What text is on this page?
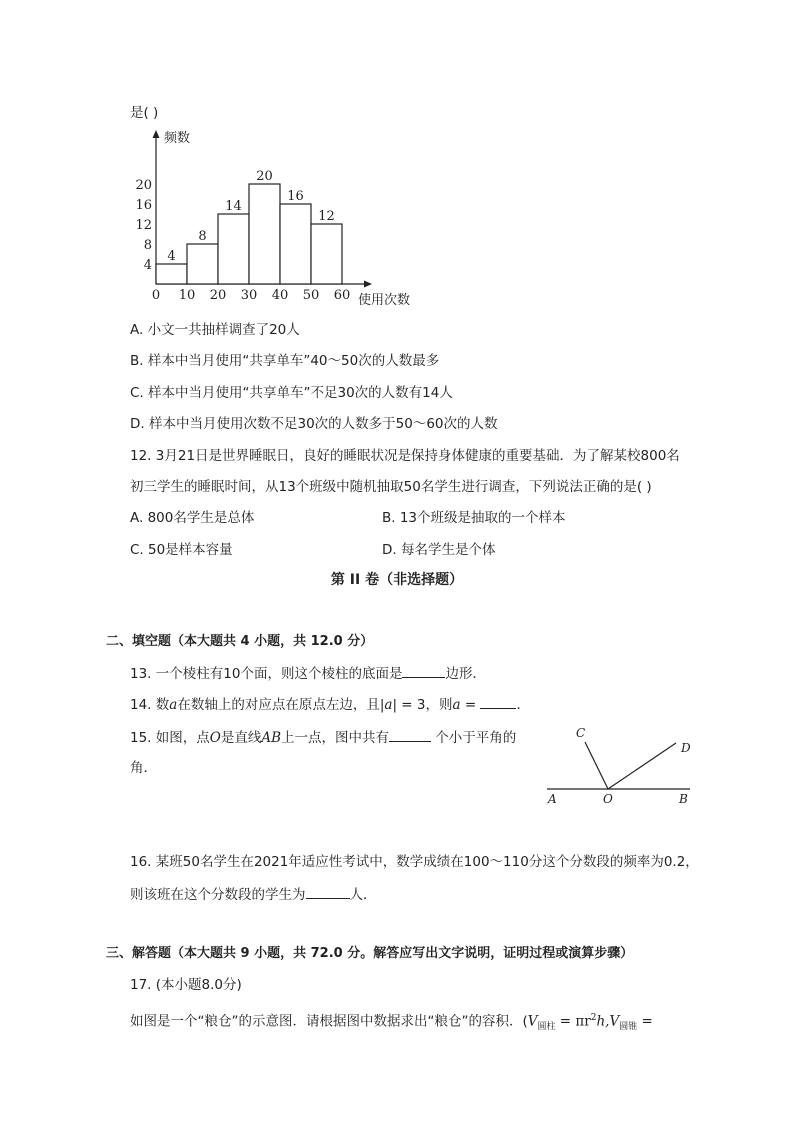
是( )
4
8
14
20
16
12
0 10 20 30 40 50 60
4
8
12
16
20
频数
使用次数
A. 小文一共抽样调查了20人
B. 样本中当月使用“共享单车”40～50次的人数最多
C. 样本中当月使用“共享单车”不足30次的人数有14人
D. 样本中当月使用次数不足30次的人数多于50～60次的人数
12. 3月21日是世界睡眠日，良好的睡眠状况是保持身体健康的重要基础．为了解某校800名
初三学生的睡眠时间，从13个班级中随机抽取50名学生进行调查，下列说法正确的是( )
A. 800名学生是总体	B. 13个班级是抽取的一个样本
C. 50是样本容量	D. 每名学生是个体
第 II 卷（非选择题）
二、填空题（本大题共 4 小题，共 12.0 分）
13. 一个棱柱有10个面，则这个棱柱的底面是	边形．
14. 数a在数轴上的对应点在原点左边，且|a| = 3，则a =	．
15. 如图，点O是直线AB上一点，图中共有	个小于平角的
角．
C
D
A	O	B
16. 某班50名学生在2021年适应性考试中，数学成绩在100～110分这个分数段的频率为0.2，
则该班在这个分数段的学生为	人．
三、解答题（本大题共 9 小题，共 72.0 分。解答应写出文字说明，证明过程或演算步骤）
17. (本小题8.0分)
如图是一个“粮仓”的示意图．请根据图中数据求出“粮仓”的容积．($V_{圆柱} = \pi r^2h,V_{圆锥}$ =
